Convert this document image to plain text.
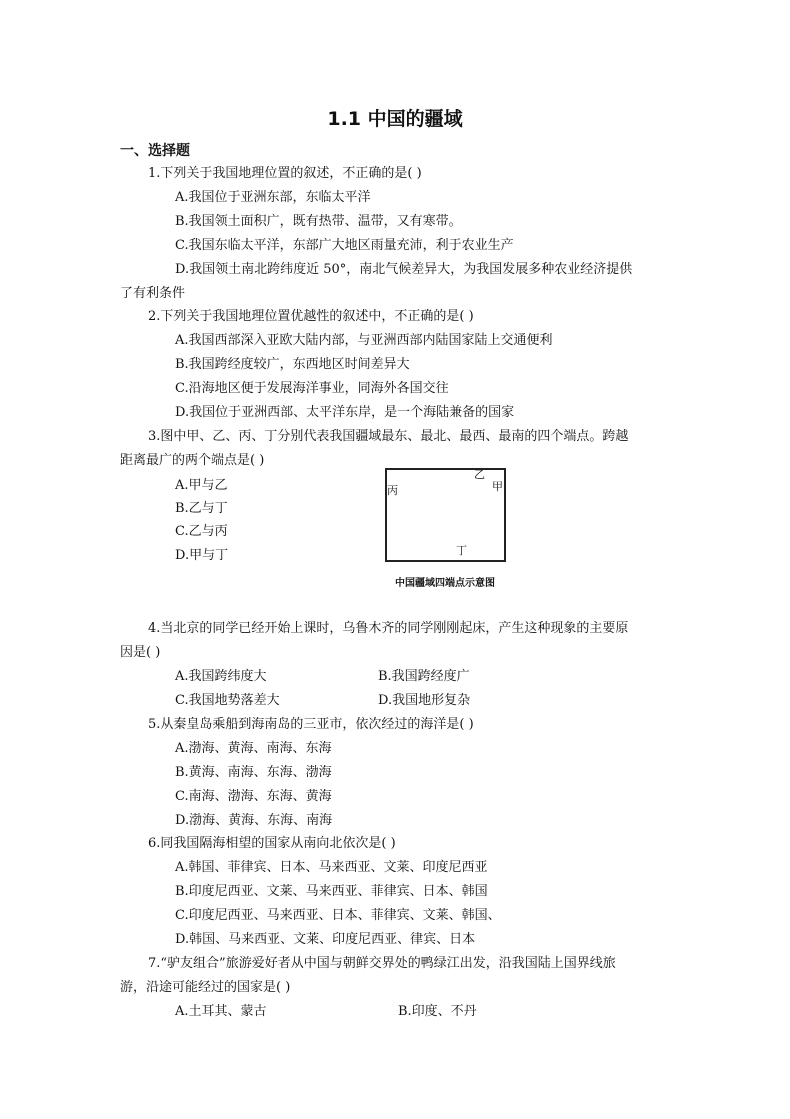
1.1 中国的疆域
一、选择题
1.下列关于我国地理位置的叙述，不正确的是( )
A.我国位于亚洲东部，东临太平洋
B.我国领土面积广，既有热带、温带，又有寒带。
C.我国东临太平洋，东部广大地区雨量充沛，利于农业生产
D.我国领土南北跨纬度近 50°，南北气候差异大，为我国发展多种农业经济提供
了有利条件
2.下列关于我国地理位置优越性的叙述中，不正确的是( )
A.我国西部深入亚欧大陆内部，与亚洲西部内陆国家陆上交通便利
B.我国跨经度较广，东西地区时间差异大
C.沿海地区便于发展海洋事业，同海外各国交往
D.我国位于亚洲西部、太平洋东岸，是一个海陆兼备的国家
3.图中甲、乙、丙、丁分别代表我国疆域最东、最北、最西、最南的四个端点。跨越
距离最广的两个端点是( )
A.甲与乙
B.乙与丁
C.乙与丙
D.甲与丁
丙
乙
甲
丁
中国疆域四端点示意图
4.当北京的同学已经开始上课时，乌鲁木齐的同学刚刚起床，产生这种现象的主要原
因是( )
A.我国跨纬度大	B.我国跨经度广
C.我国地势落差大	D.我国地形复杂
5.从秦皇岛乘船到海南岛的三亚市，依次经过的海洋是( )
A.渤海、黄海、南海、东海
B.黄海、南海、东海、渤海
C.南海、渤海、东海、黄海
D.渤海、黄海、东海、南海
6.同我国隔海相望的国家从南向北依次是( )
A.韩国、菲律宾、日本、马来西亚、文莱、印度尼西亚
B.印度尼西亚、文莱、马来西亚、菲律宾、日本、韩国
C.印度尼西亚、马来西亚、日本、菲律宾、文莱、韩国、
D.韩国、马来西亚、文莱、印度尼西亚、律宾、日本
7.“驴友组合”旅游爱好者从中国与朝鲜交界处的鸭绿江出发，沿我国陆上国界线旅
游，沿途可能经过的国家是( )
A.土耳其、蒙古	B.印度、不丹
